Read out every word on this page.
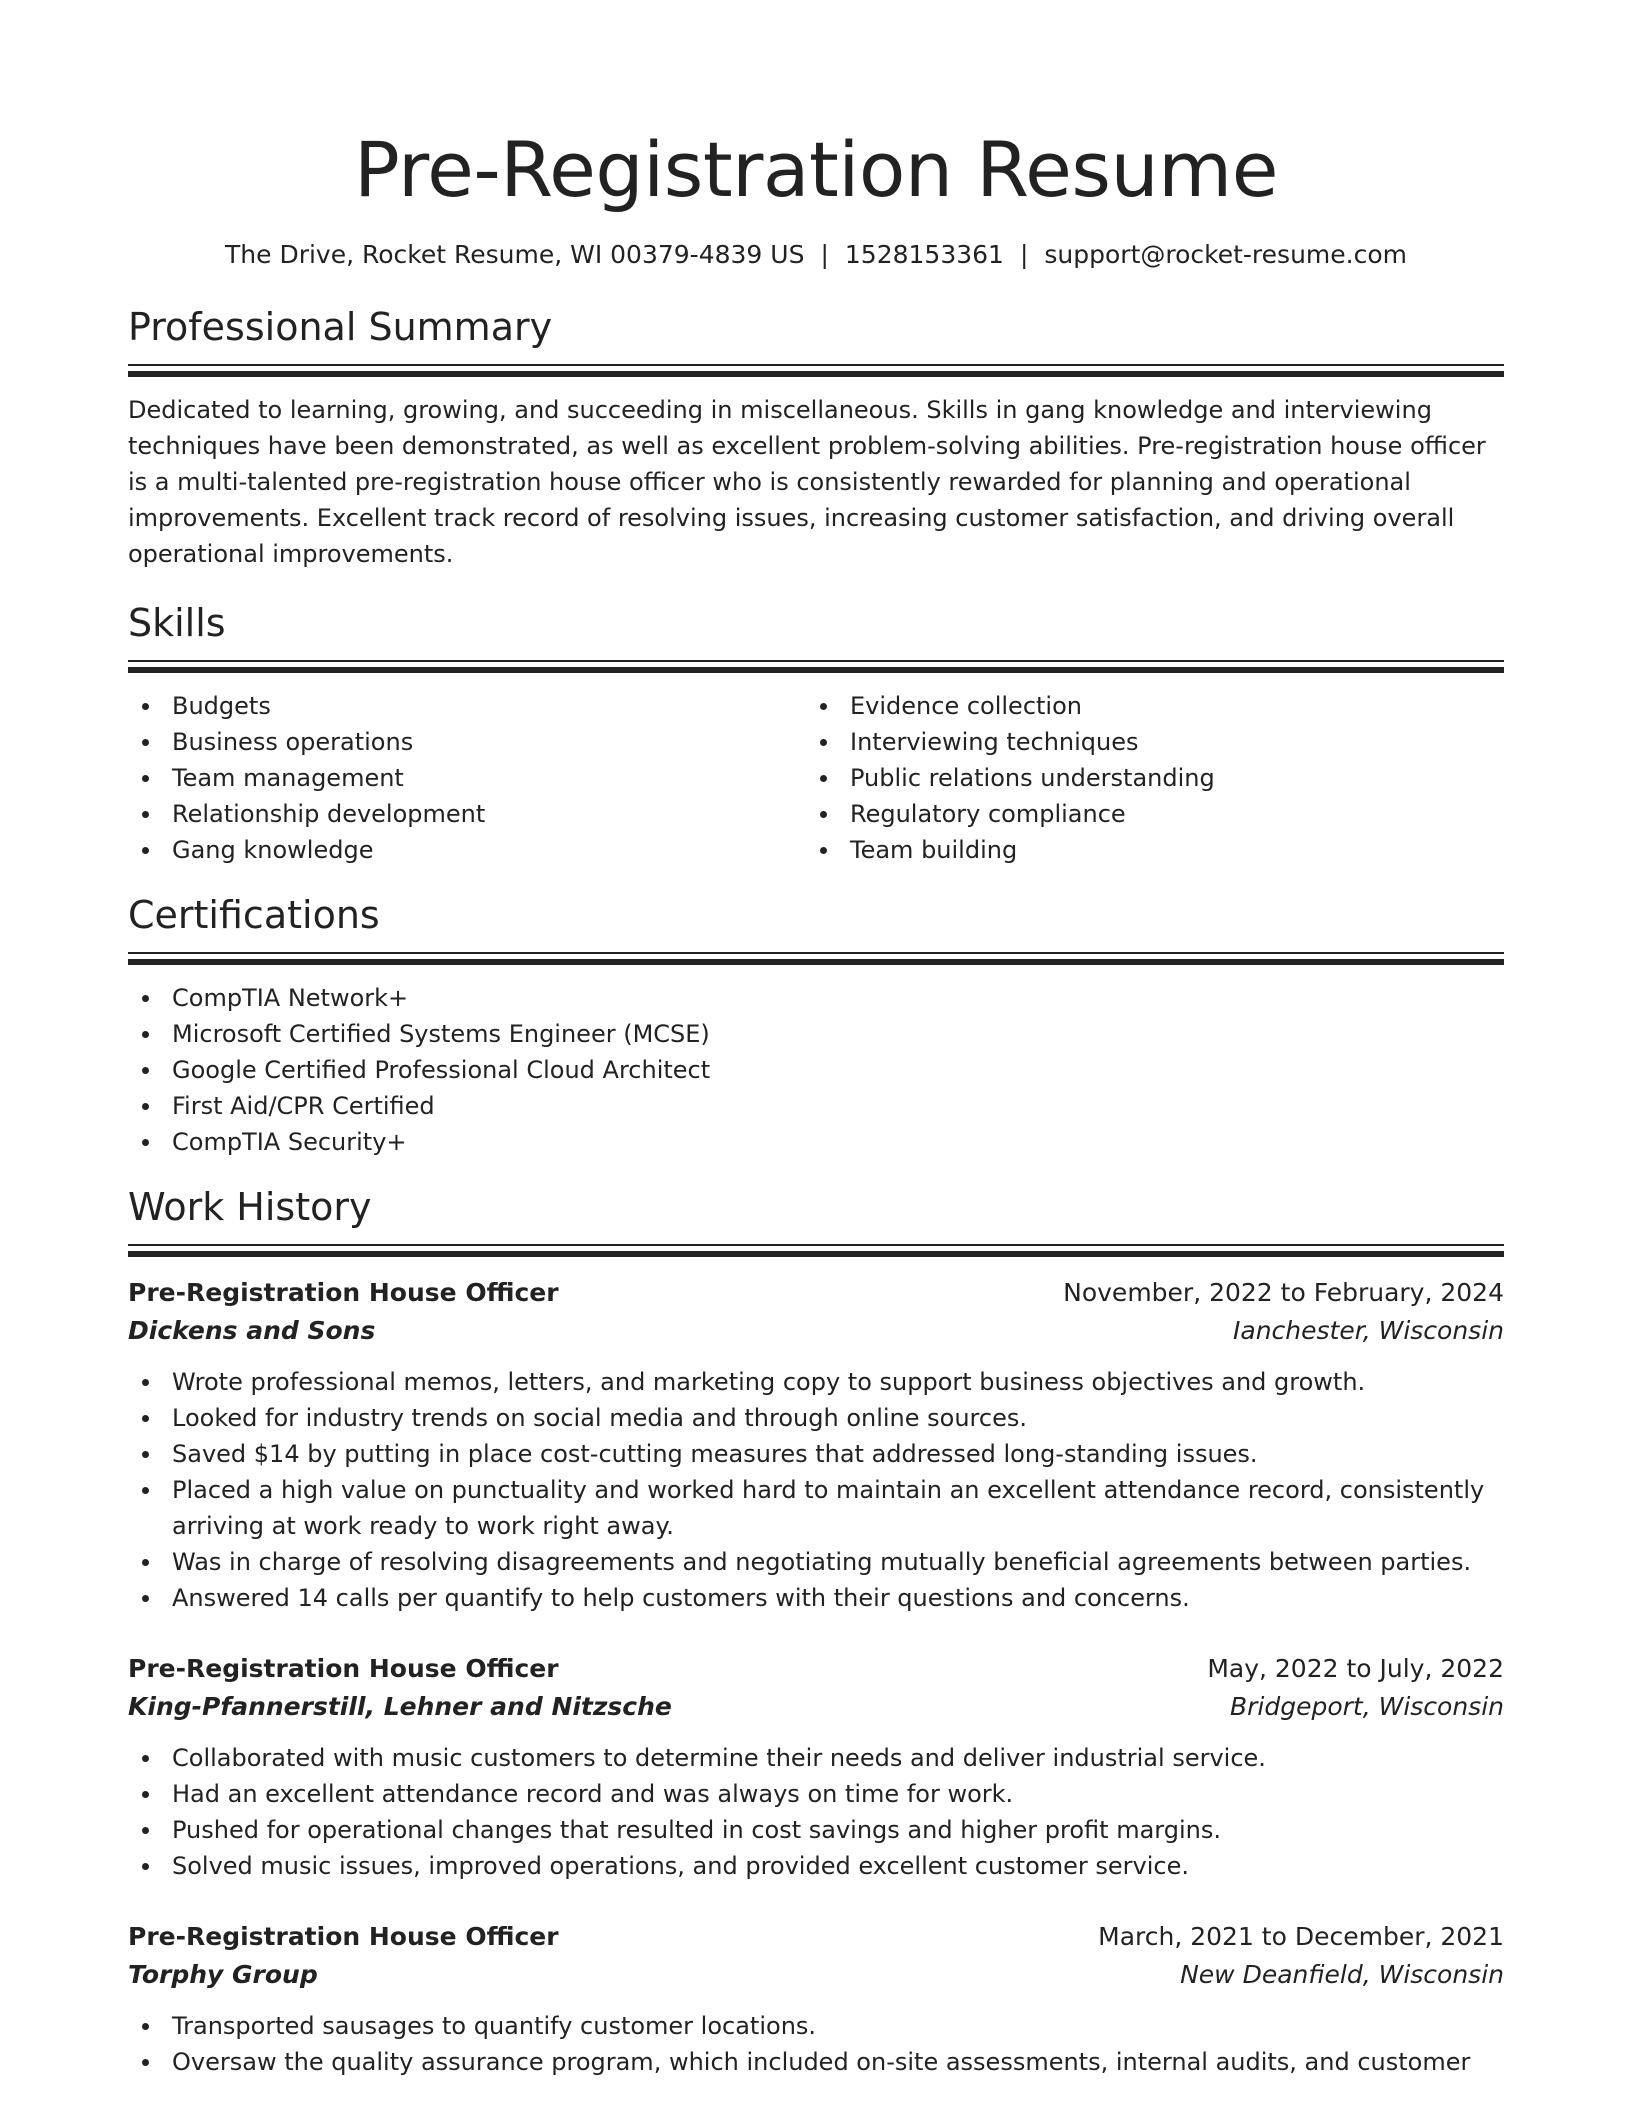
Pre-Registration Resume
The Drive, Rocket Resume, WI 00379-4839 US | 1528153361 | support@rocket-resume.com
Professional Summary
Dedicated to learning, growing, and succeeding in miscellaneous. Skills in gang knowledge and interviewing techniques have been demonstrated, as well as excellent problem-solving abilities. Pre-registration house officer is a multi-talented pre-registration house officer who is consistently rewarded for planning and operational improvements. Excellent track record of resolving issues, increasing customer satisfaction, and driving overall operational improvements.
Skills
Budgets
Business operations
Team management
Relationship development
Gang knowledge
Evidence collection
Interviewing techniques
Public relations understanding
Regulatory compliance
Team building
Certifications
CompTIA Network+
Microsoft Certified Systems Engineer (MCSE)
Google Certified Professional Cloud Architect
First Aid/CPR Certified
CompTIA Security+
Work History
Pre-Registration House Officer	November, 2022 to February, 2024
Dickens and Sons	Ianchester, Wisconsin
Wrote professional memos, letters, and marketing copy to support business objectives and growth.
Looked for industry trends on social media and through online sources.
Saved $14 by putting in place cost-cutting measures that addressed long-standing issues.
Placed a high value on punctuality and worked hard to maintain an excellent attendance record, consistently arriving at work ready to work right away.
Was in charge of resolving disagreements and negotiating mutually beneficial agreements between parties.
Answered 14 calls per quantify to help customers with their questions and concerns.
Pre-Registration House Officer	May, 2022 to July, 2022
King-Pfannerstill, Lehner and Nitzsche	Bridgeport, Wisconsin
Collaborated with music customers to determine their needs and deliver industrial service.
Had an excellent attendance record and was always on time for work.
Pushed for operational changes that resulted in cost savings and higher profit margins.
Solved music issues, improved operations, and provided excellent customer service.
Pre-Registration House Officer	March, 2021 to December, 2021
Torphy Group	New Deanfield, Wisconsin
Transported sausages to quantify customer locations.
Oversaw the quality assurance program, which included on-site assessments, internal audits, and customer
